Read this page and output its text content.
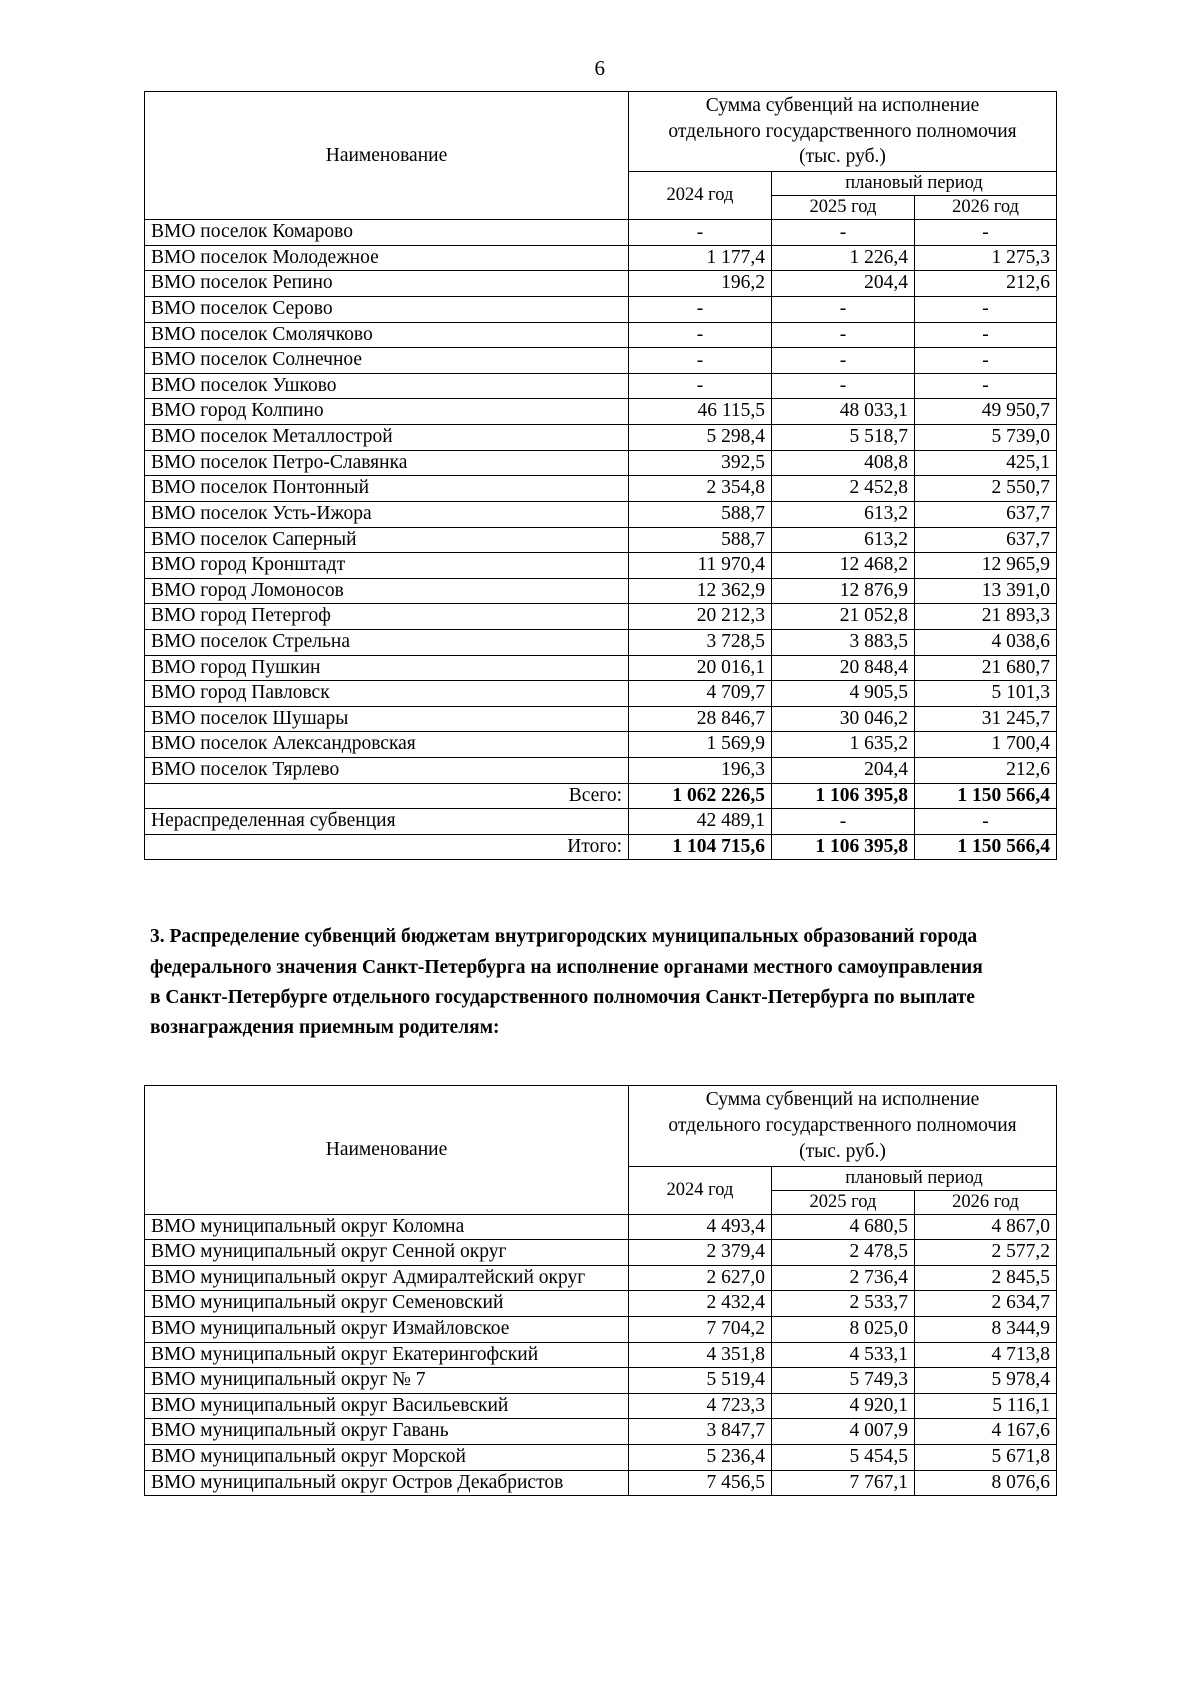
6
Наименование	Сумма субвенций на исполнение
отдельного государственного полномочия
(тыс. руб.)		

	2024 год	плановый период	
		2025 год	2026 год
ВМО поселок Комарово	-	-	-
ВМО поселок Молодежное	1 177,4	1 226,4	1 275,3
ВМО поселок Репино	196,2	204,4	212,6
ВМО поселок Серово	-	-	-
ВМО поселок Смолячково	-	-	-
ВМО поселок Солнечное	-	-	-
ВМО поселок Ушково	-	-	-
ВМО город Колпино	46 115,5	48 033,1	49 950,7
ВМО поселок Металлострой	5 298,4	5 518,7	5 739,0
ВМО поселок Петро-Славянка	392,5	408,8	425,1
ВМО поселок Понтонный	2 354,8	2 452,8	2 550,7
ВМО поселок Усть-Ижора	588,7	613,2	637,7
ВМО поселок Саперный	588,7	613,2	637,7
ВМО город Кронштадт	11 970,4	12 468,2	12 965,9
ВМО город Ломоносов	12 362,9	12 876,9	13 391,0
ВМО город Петергоф	20 212,3	21 052,8	21 893,3
ВМО поселок Стрельна	3 728,5	3 883,5	4 038,6
ВМО город Пушкин	20 016,1	20 848,4	21 680,7
ВМО город Павловск	4 709,7	4 905,5	5 101,3
ВМО поселок Шушары	28 846,7	30 046,2	31 245,7
ВМО поселок Александровская	1 569,9	1 635,2	1 700,4
ВМО поселок Тярлево	196,3	204,4	212,6
Всего:	1 062 226,5	1 106 395,8	1 150 566,4
Нераспределенная субвенция	42 489,1	-	-
Итого:	1 104 715,6	1 106 395,8	1 150 566,4

3. Распределение субвенций бюджетам внутригородских муниципальных образований города

федерального значения Санкт-Петербурга на исполнение органами местного самоуправления

в Санкт-Петербурге отдельного государственного полномочия Санкт-Петербурга по выплате

вознаграждения приемным родителям:

Наименование	Сумма субвенций на исполнение
отдельного государственного полномочия
(тыс. руб.)		

	2024 год	плановый период	
		2025 год	2026 год
ВМО муниципальный округ Коломна	4 493,4	4 680,5	4 867,0
ВМО муниципальный округ Сенной округ	2 379,4	2 478,5	2 577,2
ВМО муниципальный округ Адмиралтейский округ	2 627,0	2 736,4	2 845,5
ВМО муниципальный округ Семеновский	2 432,4	2 533,7	2 634,7
ВМО муниципальный округ Измайловское	7 704,2	8 025,0	8 344,9
ВМО муниципальный округ Екатерингофский	4 351,8	4 533,1	4 713,8
ВМО муниципальный округ № 7	5 519,4	5 749,3	5 978,4
ВМО муниципальный округ Васильевский	4 723,3	4 920,1	5 116,1
ВМО муниципальный округ Гавань	3 847,7	4 007,9	4 167,6
ВМО муниципальный округ Морской	5 236,4	5 454,5	5 671,8
ВМО муниципальный округ Остров Декабристов	7 456,5	7 767,1	8 076,6
